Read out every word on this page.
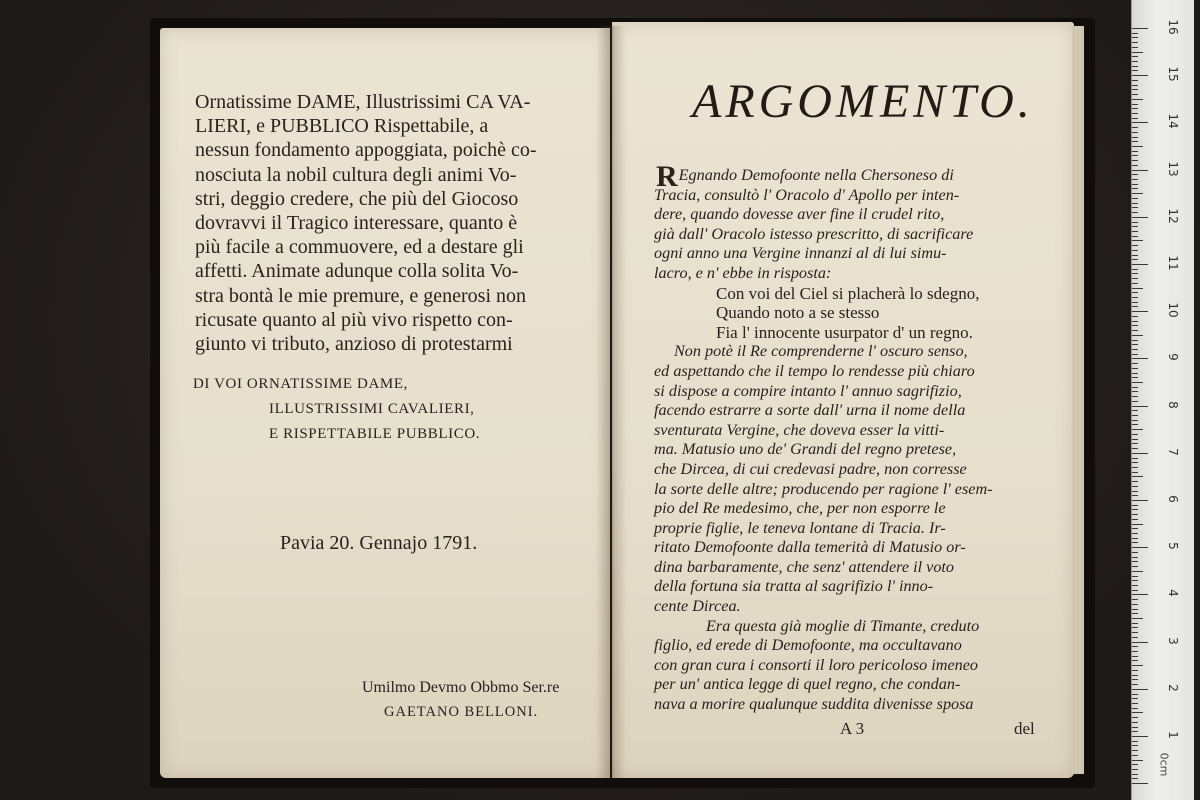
Ornatissime DAME, Illustrissimi CA VA-
LIERI, e PUBBLICO Rispettabile, a
nessun fondamento appoggiata, poichè co-
nosciuta la nobil cultura degli animi Vo-
stri, deggio credere, che più del Giocoso
dovravvi il Tragico interessare, quanto è
più facile a commuovere, ed a destare gli
affetti. Animate adunque colla solita Vo-
stra bontà le mie premure, e generosi non
ricusate quanto al più vivo rispetto con-
giunto vi tributo, anzioso di protestarmi
DI VOI ORNATISSIME DAME,
ILLUSTRISSIMI CAVALIERI,
E RISPETTABILE PUBBLICO.
Pavia 20. Gennajo 1791.
Umilmo Devmo Obbmo Ser.re
GAETANO BELLONI.
ARGOMENTO.
REgnando Demofoonte nella Chersoneso di
Tracia, consultò l' Oracolo d' Apollo per inten-
dere, quando dovesse aver fine il crudel rito,
già dall' Oracolo istesso prescritto, di sacrificare
ogni anno una Vergine innanzi al di lui simu-
lacro, e n' ebbe in risposta:
Con voi del Ciel si placherà lo sdegno,
Quando noto a se stesso
Fia l' innocente usurpator d' un regno.
Non potè il Re comprenderne l' oscuro senso,
ed aspettando che il tempo lo rendesse più chiaro
si dispose a compire intanto l' annuo sagrifizio,
facendo estrarre a sorte dall' urna il nome della
sventurata Vergine, che doveva esser la vitti-
ma. Matusio uno de' Grandi del regno pretese,
che Dircea, di cui credevasi padre, non corresse
la sorte delle altre; producendo per ragione l' esem-
pio del Re medesimo, che, per non esporre le
proprie figlie, le teneva lontane di Tracia. Ir-
ritato Demofoonte dalla temerità di Matusio or-
dina barbaramente, che senz' attendere il voto
della fortuna sia tratta al sagrifizio l' inno-
cente Dircea.
Era questa già moglie di Timante, creduto
figlio, ed erede di Demofoonte, ma occultavano
con gran cura i consorti il loro pericoloso imeneo
per un' antica legge di quel regno, che condan-
nava a morire qualunque suddita divenisse sposa
A 3	del
0cm
16
15
14
13
12
11
10
9
8
7
6
5
4
3
2
1
